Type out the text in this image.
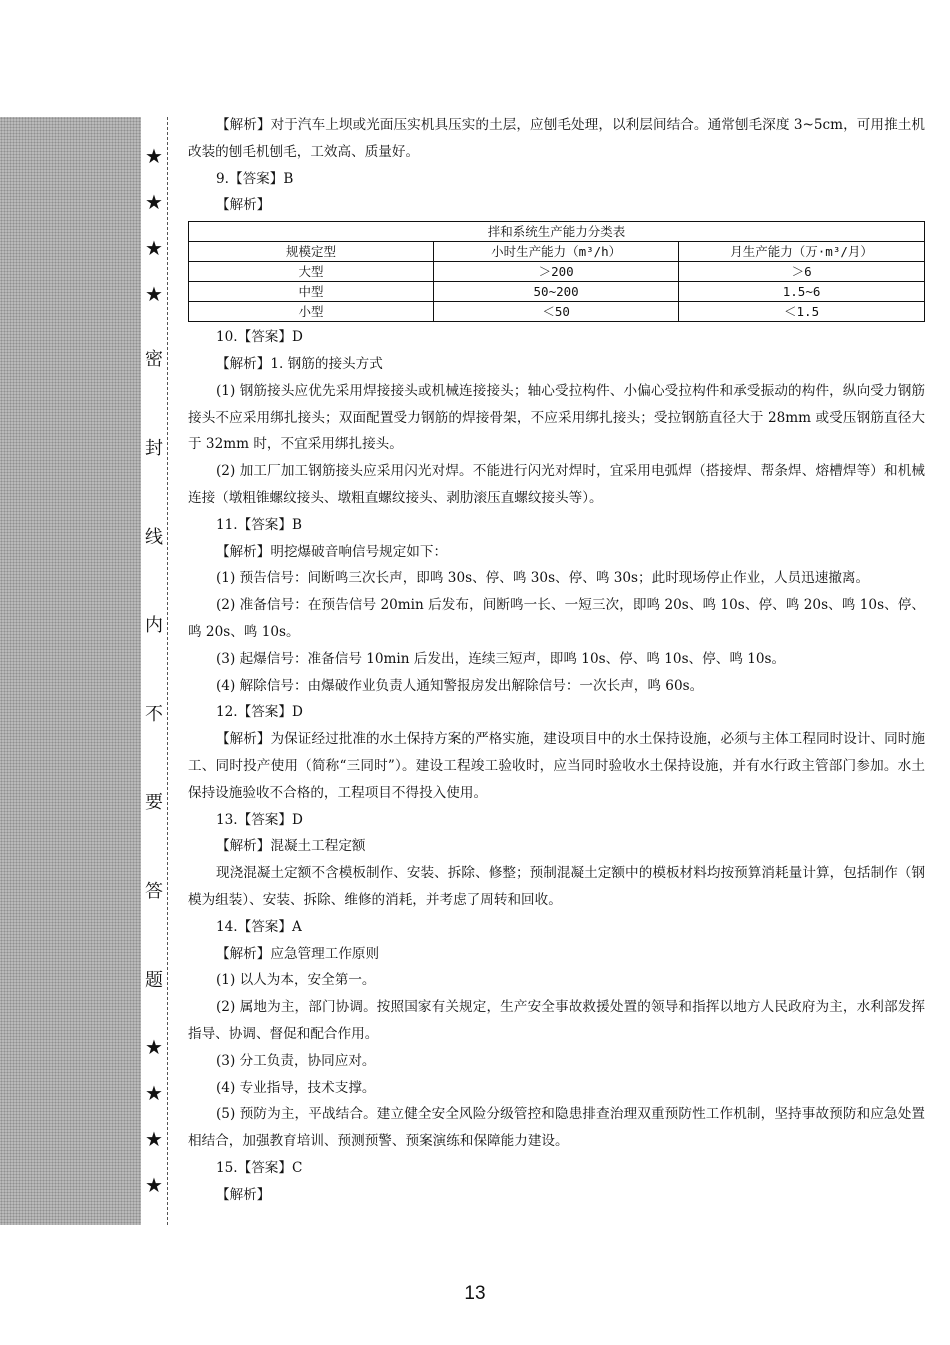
★
★
★
★
密
封
线
内
不
要
答
题
★
★
★
★

【解析】对于汽车上坝或光面压实机具压实的土层，应刨毛处理，以利层间结合。通常刨毛深度 3~5cm，可用推土机改装的刨毛机刨毛，工效高、质量好。

9.【答案】B

【解析】

拌和系统生产能力分类表		
规模定型	小时生产能力（m³/h）	月生产能力（万·m³/月）
大型	＞200	＞6
中型	50~200	1.5~6
小型	＜50	＜1.5

10.【答案】D

【解析】1. 钢筋的接头方式

(1) 钢筋接头应优先采用焊接接头或机械连接接头；轴心受拉构件、小偏心受拉构件和承受振动的构件，纵向受力钢筋接头不应采用绑扎接头；双面配置受力钢筋的焊接骨架，不应采用绑扎接头；受拉钢筋直径大于 28mm 或受压钢筋直径大于 32mm 时，不宜采用绑扎接头。

(2) 加工厂加工钢筋接头应采用闪光对焊。不能进行闪光对焊时，宜采用电弧焊（搭接焊、帮条焊、熔槽焊等）和机械连接（墩粗锥螺纹接头、墩粗直螺纹接头、剥肋滚压直螺纹接头等）。

11.【答案】B

【解析】明挖爆破音响信号规定如下：

(1) 预告信号：间断鸣三次长声，即鸣 30s、停、鸣 30s、停、鸣 30s；此时现场停止作业，人员迅速撤离。

(2) 准备信号：在预告信号 20min 后发布，间断鸣一长、一短三次，即鸣 20s、鸣 10s、停、鸣 20s、鸣 10s、停、鸣 20s、鸣 10s。

(3) 起爆信号：准备信号 10min 后发出，连续三短声，即鸣 10s、停、鸣 10s、停、鸣 10s。

(4) 解除信号：由爆破作业负责人通知警报房发出解除信号：一次长声，鸣 60s。

12.【答案】D

【解析】为保证经过批准的水土保持方案的严格实施，建设项目中的水土保持设施，必须与主体工程同时设计、同时施工、同时投产使用（简称“三同时”）。建设工程竣工验收时，应当同时验收水土保持设施，并有水行政主管部门参加。水土保持设施验收不合格的，工程项目不得投入使用。

13.【答案】D

【解析】混凝土工程定额

现浇混凝土定额不含模板制作、安装、拆除、修整；预制混凝土定额中的模板材料均按预算消耗量计算，包括制作（钢模为组装）、安装、拆除、维修的消耗，并考虑了周转和回收。

14.【答案】A

【解析】应急管理工作原则

(1) 以人为本，安全第一。

(2) 属地为主，部门协调。按照国家有关规定，生产安全事故救援处置的领导和指挥以地方人民政府为主，水利部发挥指导、协调、督促和配合作用。

(3) 分工负责，协同应对。

(4) 专业指导，技术支撑。

(5) 预防为主，平战结合。建立健全安全风险分级管控和隐患排查治理双重预防性工作机制，坚持事故预防和应急处置相结合，加强教育培训、预测预警、预案演练和保障能力建设。

15.【答案】C

【解析】

13
